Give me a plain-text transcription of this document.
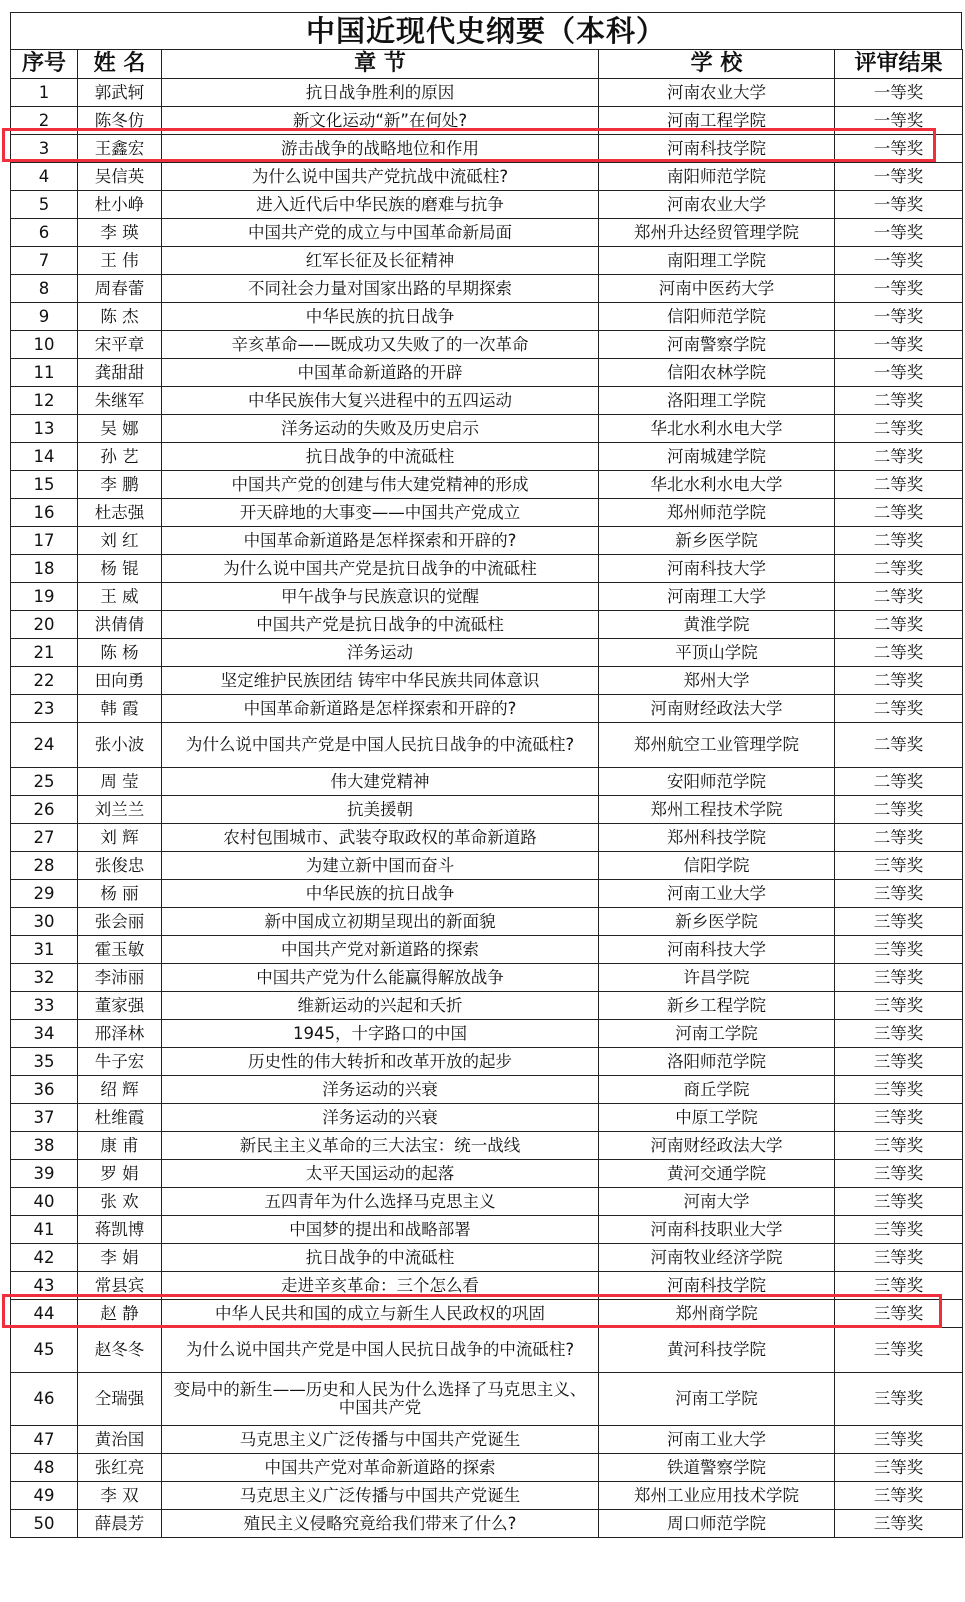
中国近现代史纲要（本科）
序号	姓 名	章 节	学 校	评审结果
1	郭武轲	抗日战争胜利的原因	河南农业大学	一等奖
2	陈冬仿	新文化运动“新”在何处?	河南工程学院	一等奖
3	王鑫宏	游击战争的战略地位和作用	河南科技学院	一等奖
4	吴信英	为什么说中国共产党抗战中流砥柱?	南阳师范学院	一等奖
5	杜小峥	进入近代后中华民族的磨难与抗争	河南农业大学	一等奖
6	李 瑛	中国共产党的成立与中国革命新局面	郑州升达经贸管理学院	一等奖
7	王 伟	红军长征及长征精神	南阳理工学院	一等奖
8	周春蕾	不同社会力量对国家出路的早期探索	河南中医药大学	一等奖
9	陈 杰	中华民族的抗日战争	信阳师范学院	一等奖
10	宋平章	辛亥革命——既成功又失败了的一次革命	河南警察学院	一等奖
11	龚甜甜	中国革命新道路的开辟	信阳农林学院	一等奖
12	朱继军	中华民族伟大复兴进程中的五四运动	洛阳理工学院	二等奖
13	吴 娜	洋务运动的失败及历史启示	华北水利水电大学	二等奖
14	孙 艺	抗日战争的中流砥柱	河南城建学院	二等奖
15	李 鹏	中国共产党的创建与伟大建党精神的形成	华北水利水电大学	二等奖
16	杜志强	开天辟地的大事变——中国共产党成立	郑州师范学院	二等奖
17	刘 红	中国革命新道路是怎样探索和开辟的?	新乡医学院	二等奖
18	杨 锟	为什么说中国共产党是抗日战争的中流砥柱	河南科技大学	二等奖
19	王 威	甲午战争与民族意识的觉醒	河南理工大学	二等奖
20	洪倩倩	中国共产党是抗日战争的中流砥柱	黄淮学院	二等奖
21	陈 杨	洋务运动	平顶山学院	二等奖
22	田向勇	坚定维护民族团结 铸牢中华民族共同体意识	郑州大学	二等奖
23	韩 霞	中国革命新道路是怎样探索和开辟的?	河南财经政法大学	二等奖
24	张小波	为什么说中国共产党是中国人民抗日战争的中流砥柱?	郑州航空工业管理学院	二等奖
25	周 莹	伟大建党精神	安阳师范学院	二等奖
26	刘兰兰	抗美援朝	郑州工程技术学院	二等奖
27	刘 辉	农村包围城市、武装夺取政权的革命新道路	郑州科技学院	二等奖
28	张俊忠	为建立新中国而奋斗	信阳学院	三等奖
29	杨 丽	中华民族的抗日战争	河南工业大学	三等奖
30	张会丽	新中国成立初期呈现出的新面貌	新乡医学院	三等奖
31	霍玉敏	中国共产党对新道路的探索	河南科技大学	三等奖
32	李沛丽	中国共产党为什么能赢得解放战争	许昌学院	三等奖
33	董家强	维新运动的兴起和夭折	新乡工程学院	三等奖
34	邢泽林	1945，十字路口的中国	河南工学院	三等奖
35	牛子宏	历史性的伟大转折和改革开放的起步	洛阳师范学院	三等奖
36	绍 辉	洋务运动的兴衰	商丘学院	三等奖
37	杜维霞	洋务运动的兴衰	中原工学院	三等奖
38	康 甫	新民主主义革命的三大法宝：统一战线	河南财经政法大学	三等奖
39	罗 娟	太平天国运动的起落	黄河交通学院	三等奖
40	张 欢	五四青年为什么选择马克思主义	河南大学	三等奖
41	蒋凯博	中国梦的提出和战略部署	河南科技职业大学	三等奖
42	李 娟	抗日战争的中流砥柱	河南牧业经济学院	三等奖
43	常县宾	走进辛亥革命：三个怎么看	河南科技学院	三等奖
44	赵 静	中华人民共和国的成立与新生人民政权的巩固	郑州商学院	三等奖
45	赵冬冬	为什么说中国共产党是中国人民抗日战争的中流砥柱?	黄河科技学院	三等奖
46	仝瑞强	变局中的新生——历史和人民为什么选择了马克思主义、中国共产党	河南工学院	三等奖
47	黄治国	马克思主义广泛传播与中国共产党诞生	河南工业大学	三等奖
48	张红亮	中国共产党对革命新道路的探索	铁道警察学院	三等奖
49	李 双	马克思主义广泛传播与中国共产党诞生	郑州工业应用技术学院	三等奖
50	薛晨芳	殖民主义侵略究竟给我们带来了什么?	周口师范学院	三等奖
